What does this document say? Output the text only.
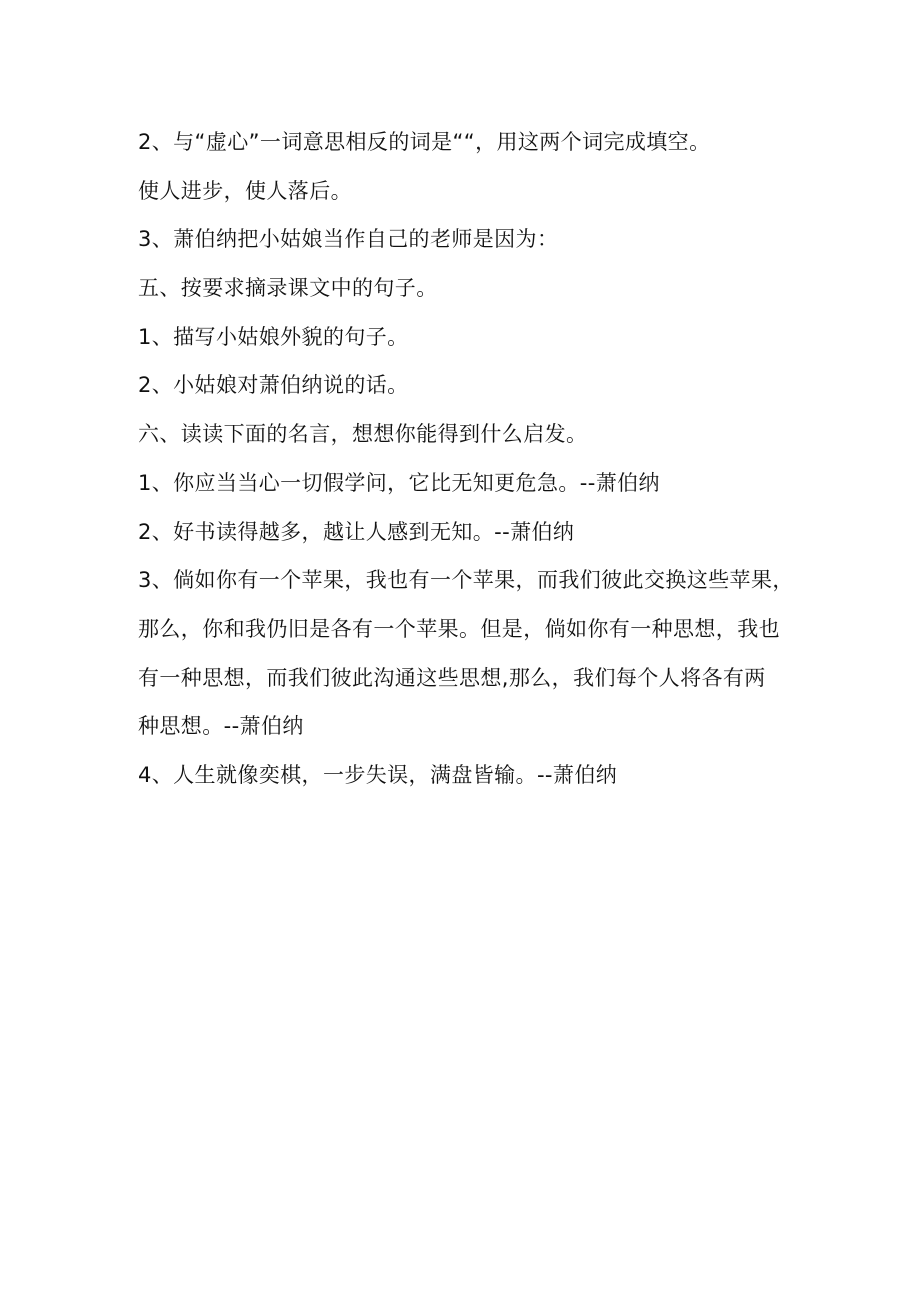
2、与“虚心”一词意思相反的词是““，用这两个词完成填空。
使人进步，使人落后。
3、萧伯纳把小姑娘当作自己的老师是因为：
五、按要求摘录课文中的句子。
1、描写小姑娘外貌的句子。
2、小姑娘对萧伯纳说的话。
六、读读下面的名言，想想你能得到什么启发。
1、你应当当心一切假学问，它比无知更危急。--萧伯纳
2、好书读得越多，越让人感到无知。--萧伯纳
3、倘如你有一个苹果，我也有一个苹果，而我们彼此交换这些苹果，
那么，你和我仍旧是各有一个苹果。但是，倘如你有一种思想，我也
有一种思想，而我们彼此沟通这些思想,那么，我们每个人将各有两
种思想。--萧伯纳
4、人生就像奕棋，一步失误，满盘皆输。--萧伯纳
